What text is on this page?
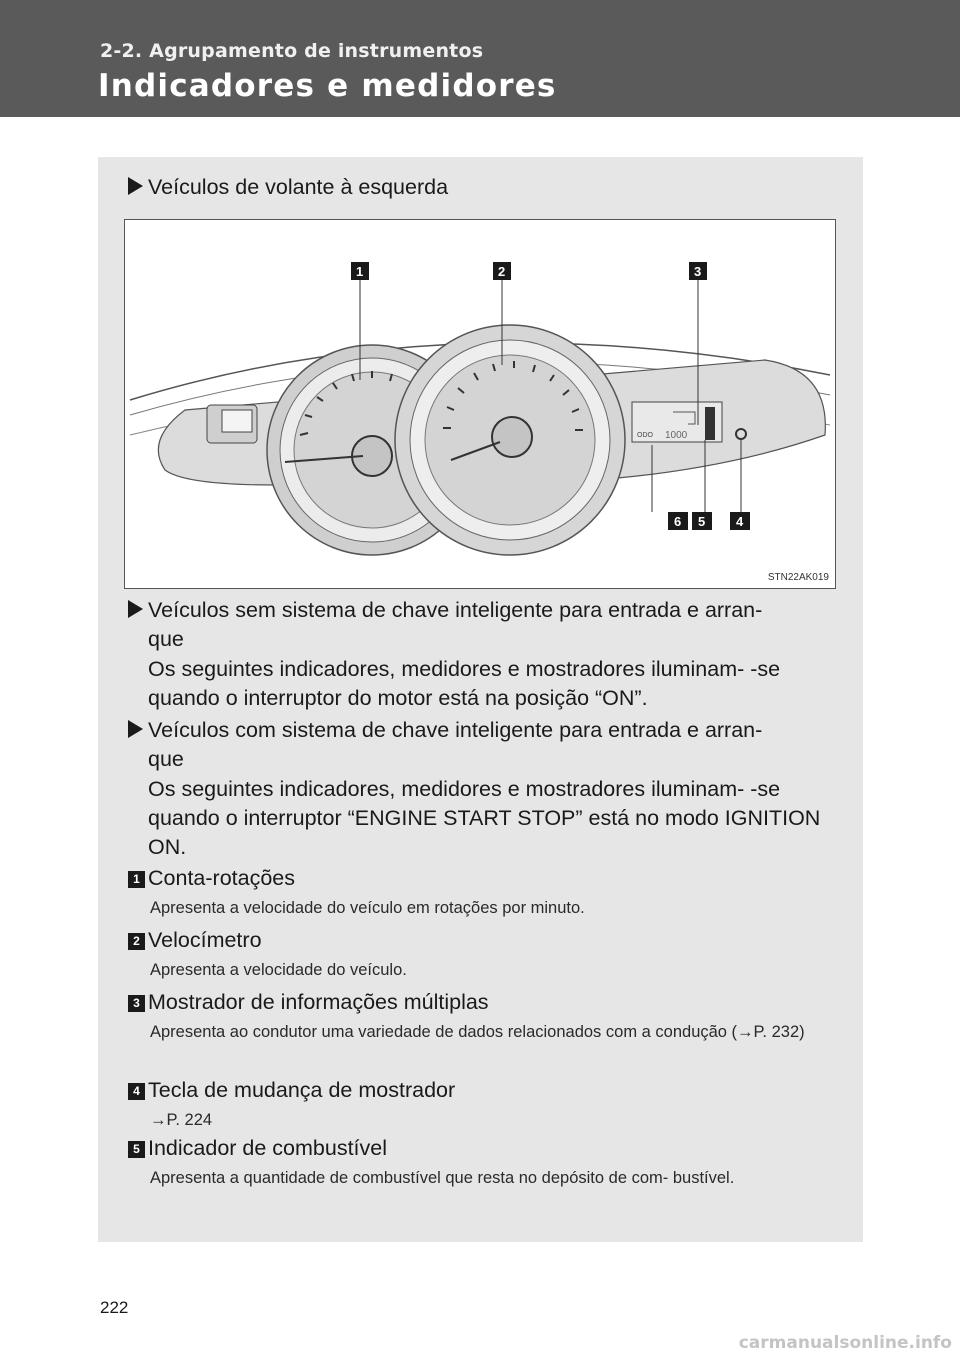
2-2. Agrupamento de instrumentos
Indicadores e medidores
Veículos de volante à esquerda
ODO 1000
1	2	3
6 5 4
STN22AK019
Veículos sem sistema de chave inteligente para entrada e arran-
que
Os seguintes indicadores, medidores e mostradores iluminam- -se quando o interruptor do motor está na posição “ON”.
Veículos com sistema de chave inteligente para entrada e arran-
que
Os seguintes indicadores, medidores e mostradores iluminam- -se quando o interruptor “ENGINE START STOP” está no modo IGNITION ON.
1 Conta-rotações
Apresenta a velocidade do veículo em rotações por minuto.
2 Velocímetro
Apresenta a velocidade do veículo.
3 Mostrador de informações múltiplas
Apresenta ao condutor uma variedade de dados relacionados com a condução (→P. 232)
4 Tecla de mudança de mostrador
→P. 224
5 Indicador de combustível
Apresenta a quantidade de combustível que resta no depósito de com- bustível.
222
carmanualsonline.info
